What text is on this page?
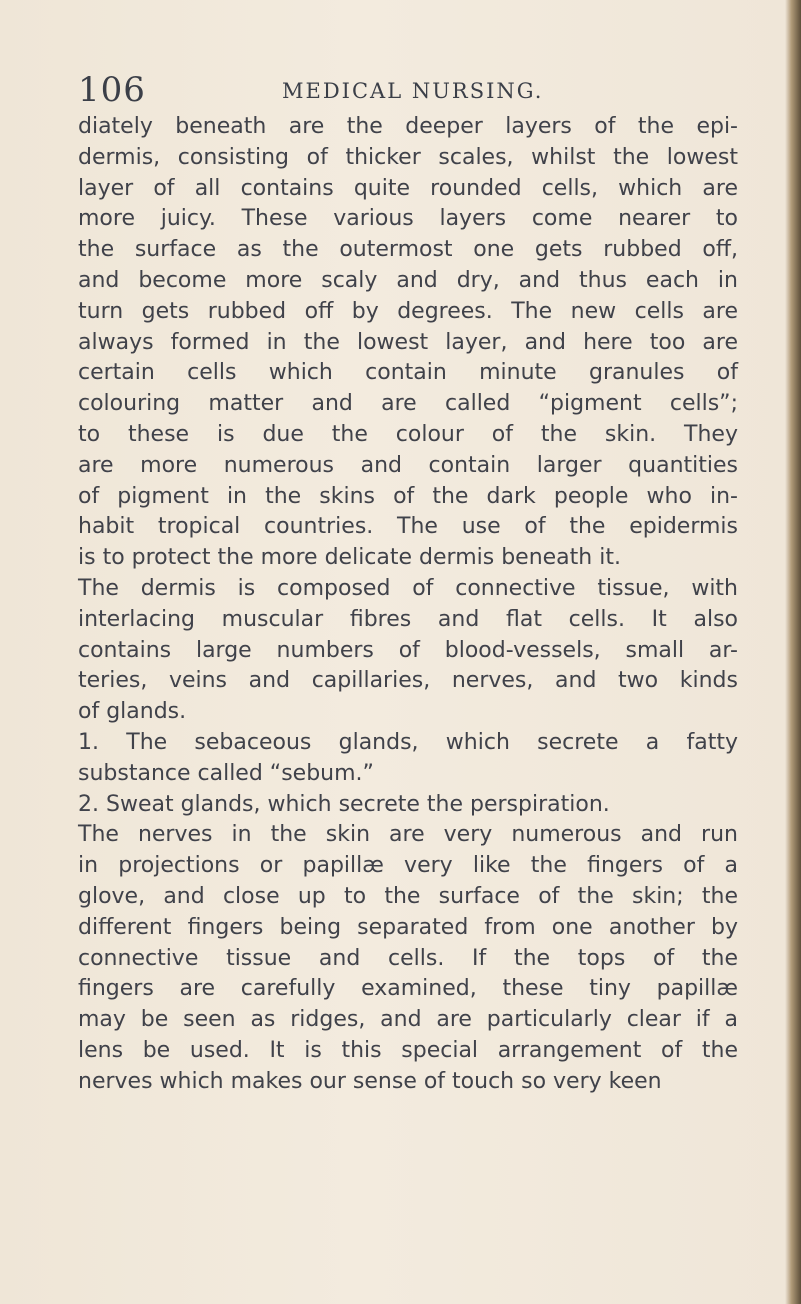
106	MEDICAL NURSING.
diately beneath are the deeper layers of the epi-
dermis, consisting of thicker scales, whilst the lowest
layer of all contains quite rounded cells, which are
more juicy. These various layers come nearer to
the surface as the outermost one gets rubbed off,
and become more scaly and dry, and thus each in
turn gets rubbed off by degrees. The new cells are
always formed in the lowest layer, and here too are
certain cells which contain minute granules of
colouring matter and are called “pigment cells”;
to these is due the colour of the skin. They
are more numerous and contain larger quantities
of pigment in the skins of the dark people who in-
habit tropical countries. The use of the epidermis
is to protect the more delicate dermis beneath it.
The dermis is composed of connective tissue, with
interlacing muscular fibres and flat cells. It also
contains large numbers of blood-vessels, small ar-
teries, veins and capillaries, nerves, and two kinds
of glands.
1. The sebaceous glands, which secrete a fatty
substance called “sebum.”
2. Sweat glands, which secrete the perspiration.
The nerves in the skin are very numerous and run
in projections or papillæ very like the fingers of a
glove, and close up to the surface of the skin; the
different fingers being separated from one another by
connective tissue and cells. If the tops of the
fingers are carefully examined, these tiny papillæ
may be seen as ridges, and are particularly clear if a
lens be used. It is this special arrangement of the
nerves which makes our sense of touch so very keen
